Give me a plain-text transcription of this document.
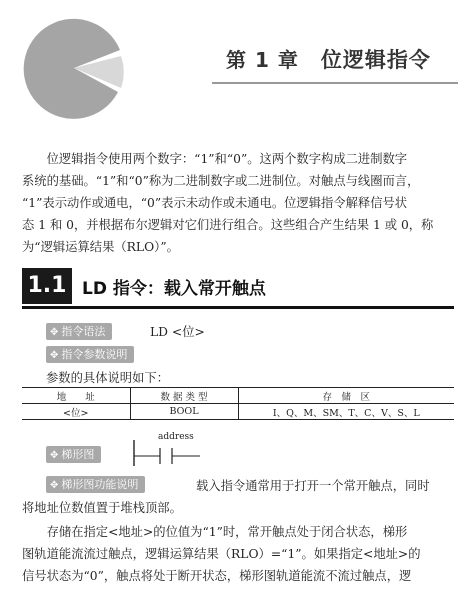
第 1 章 位逻辑指令

　　位逻辑指令使用两个数字：“1”和“0”。这两个数字构成二进制数字
系统的基础。“1”和“0”称为二进制数字或二进制位。对触点与线圈而言，
“1”表示动作或通电，“0”表示未动作或未通电。位逻辑指令解释信号状
态 1 和 0，并根据布尔逻辑对它们进行组合。这些组合产生结果 1 或 0，称
为“逻辑运算结果（RLO）”。

1.1 LD 指令：载入常开触点
✥ 指令语法	LD <位>
✥ 指令参数说明
参数的具体说明如下：
地　　址	数 据 类 型	存　储　区
<位>	BOOL	I、Q、M、SM、T、C、V、S、L
✥ 梯形图
address
✥ 梯形图功能说明	载入指令通常用于打开一个常开触点，同时
将地址位数值置于堆栈顶部。

　　存储在指定<地址>的位值为“1”时，常开触点处于闭合状态，梯形
图轨道能流流过触点，逻辑运算结果（RLO）=“1”。如果指定<地址>的
信号状态为“0”，触点将处于断开状态，梯形图轨道能流不流过触点，逻
